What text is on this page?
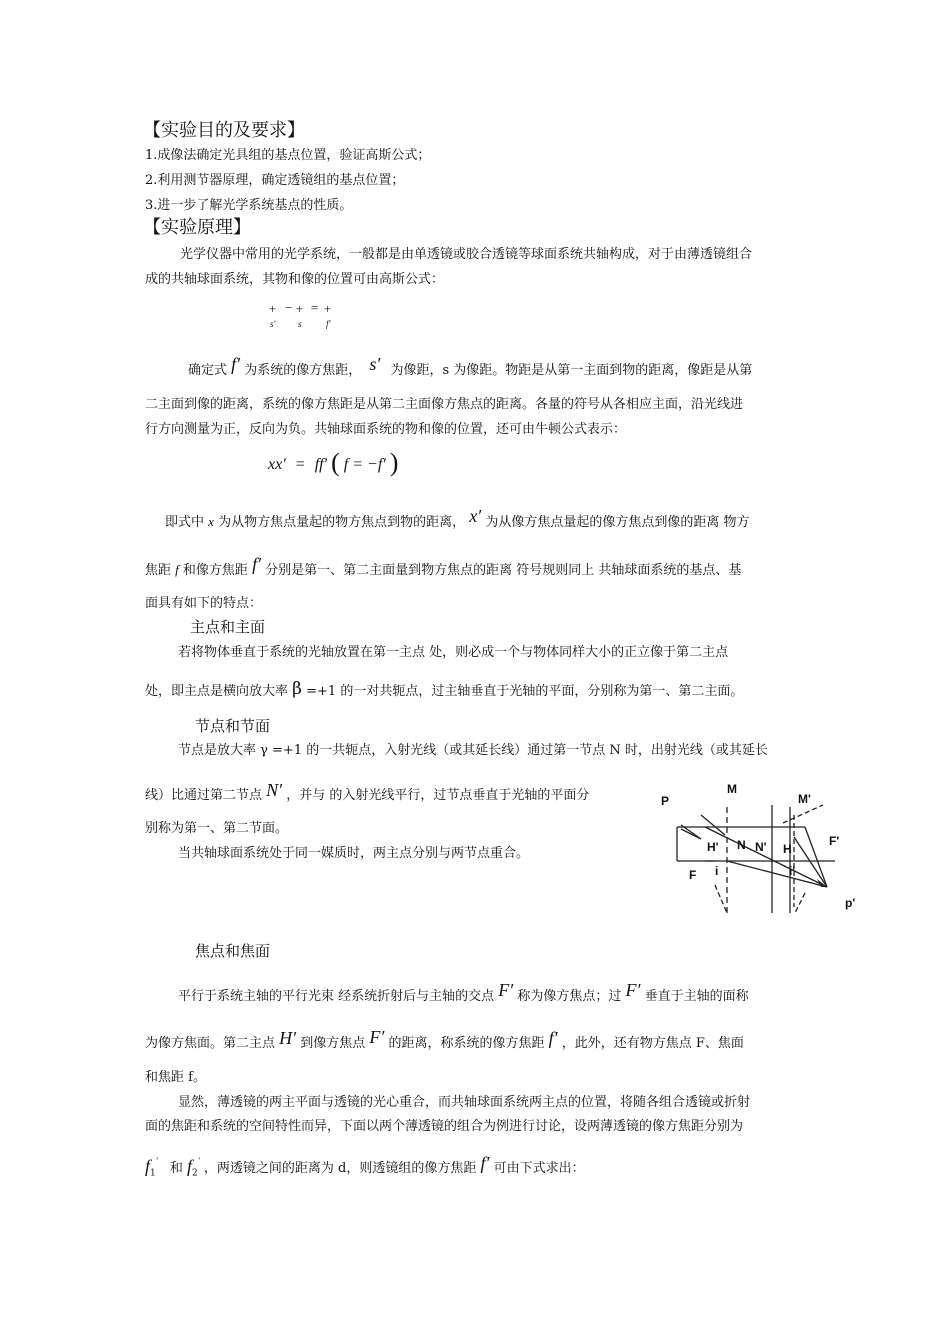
【实验目的及要求】
1.成像法确定光具组的基点位置，验证高斯公式；
2.利用测节器原理，确定透镜组的基点位置；
3.进一步了解光学系统基点的性质。
【实验原理】
光学仪器中常用的光学系统，一般都是由单透镜或胶合透镜等球面系统共轴构成，对于由薄透镜组合
成的共轴球面系统，其物和像的位置可由高斯公式：
+ − + = +
s′	s	f′
确定式 f′ 为系统的像方焦距， s′ 为像距，s 为像距。物距是从第一主面到物的距离，像距是从第
二主面到像的距离，系统的像方焦距是从第二主面像方焦点的距离。各量的符号从各相应主面，沿光线进
行方向测量为正，反向为负。共轴球面系统的物和像的位置，还可由牛顿公式表示：
xx′ = ff′ ( f = −f′ )
即式中 x 为从物方焦点量起的物方焦点到物的距离， x′ 为从像方焦点量起的像方焦点到像的距离 物方
焦距 f 和像方焦距 f′ 分别是第一、第二主面量到物方焦点的距离 符号规则同上 共轴球面系统的基点、基
面具有如下的特点：
主点和主面
若将物体垂直于系统的光轴放置在第一主点 处，则必成一个与物体同样大小的正立像于第二主点
处，即主点是横向放大率 β =+1 的一对共轭点，过主轴垂直于光轴的平面，分别称为第一、第二主面。
节点和节面
节点是放大率 γ =+1 的一共轭点，入射光线（或其延长线）通过第一节点 N 时，出射光线（或其延长
线）比通过第二节点 N′ ，并与 的入射光线平行，过节点垂直于光轴的平面分
别称为第一、第二节面。
当共轴球面系统处于同一媒质时，两主点分别与两节点重合。
P
M
M'
H' N N' H
F'
F i	i'
p'
焦点和焦面
平行于系统主轴的平行光束 经系统折射后与主轴的交点 F′ 称为像方焦点；过 F′ 垂直于主轴的面称
为像方焦面。第二主点 H′ 到像方焦点 F′ 的距离，称系统的像方焦距 f′ ，此外，还有物方焦点 F、焦面
和焦距 f。
显然，薄透镜的两主平面与透镜的光心重合，而共轴球面系统两主点的位置，将随各组合透镜或折射
面的焦距和系统的空间特性而异，下面以两个薄透镜的组合为例进行讨论，设两薄透镜的像方焦距分别为
$f_1'$ 和 $f_2'$ ，两透镜之间的距离为 d，则透镜组的像方焦距 f′ 可由下式求出：
